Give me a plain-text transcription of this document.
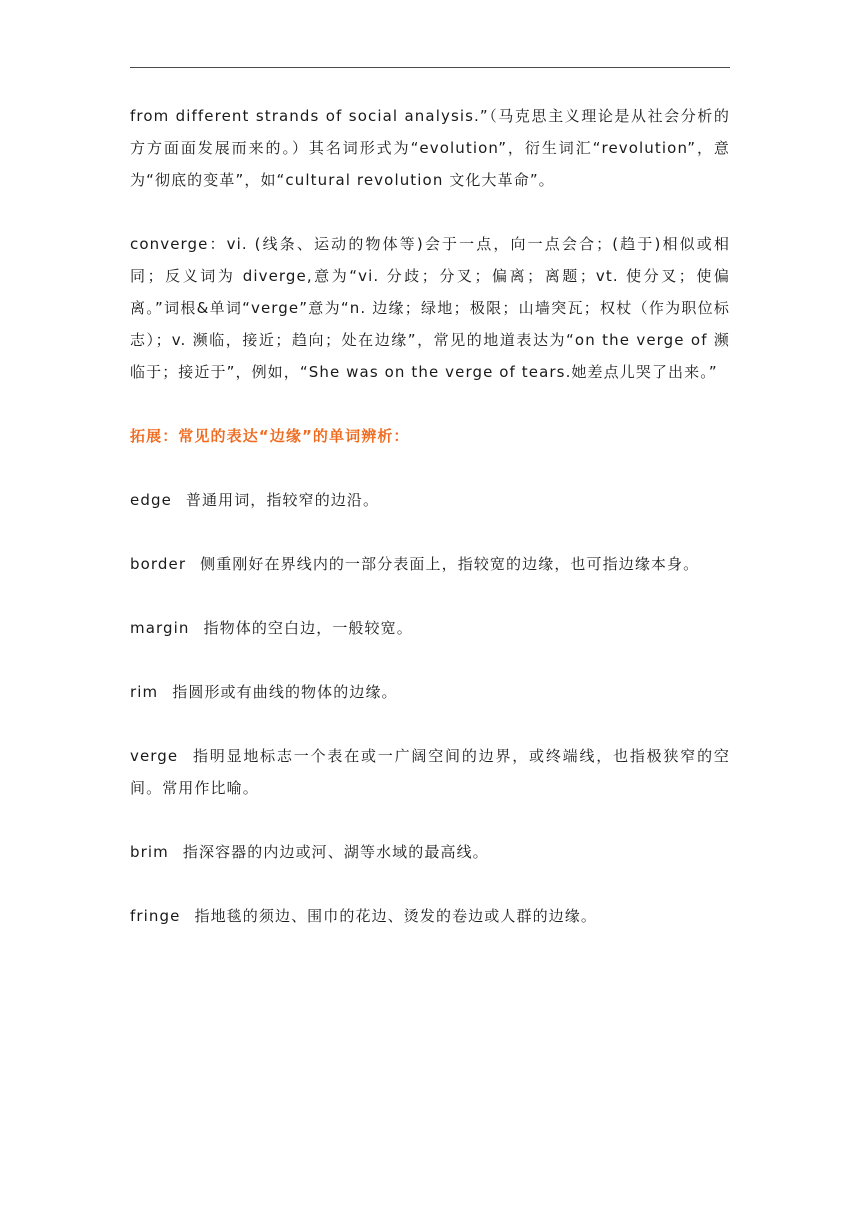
from different strands of social analysis.”（马克思主义理论是从社会分析的方方面面发展而来的。）其名词形式为“evolution”，衍生词汇“revolution”，意为“彻底的变革”，如“cultural revolution 文化大革命”。

converge：vi. (线条、运动的物体等)会于一点，向一点会合；(趋于)相似或相同；反义词为 diverge,意为“vi. 分歧；分叉；偏离；离题；vt. 使分叉；使偏离。”词根&单词“verge”意为“n. 边缘；绿地；极限；山墙突瓦；权杖（作为职位标志）；v. 濒临，接近；趋向；处在边缘”，常见的地道表达为“on the verge of 濒临于；接近于”，例如，“She was on the verge of tears.她差点儿哭了出来。”

拓展：常见的表达“边缘”的单词辨析：

edge 普通用词，指较窄的边沿。

border 侧重刚好在界线内的一部分表面上，指较宽的边缘，也可指边缘本身。

margin 指物体的空白边，一般较宽。

rim 指圆形或有曲线的物体的边缘。

verge 指明显地标志一个表在或一广阔空间的边界，或终端线，也指极狭窄的空间。常用作比喻。

brim 指深容器的内边或河、湖等水域的最高线。

fringe 指地毯的须边、围巾的花边、烫发的卷边或人群的边缘。
